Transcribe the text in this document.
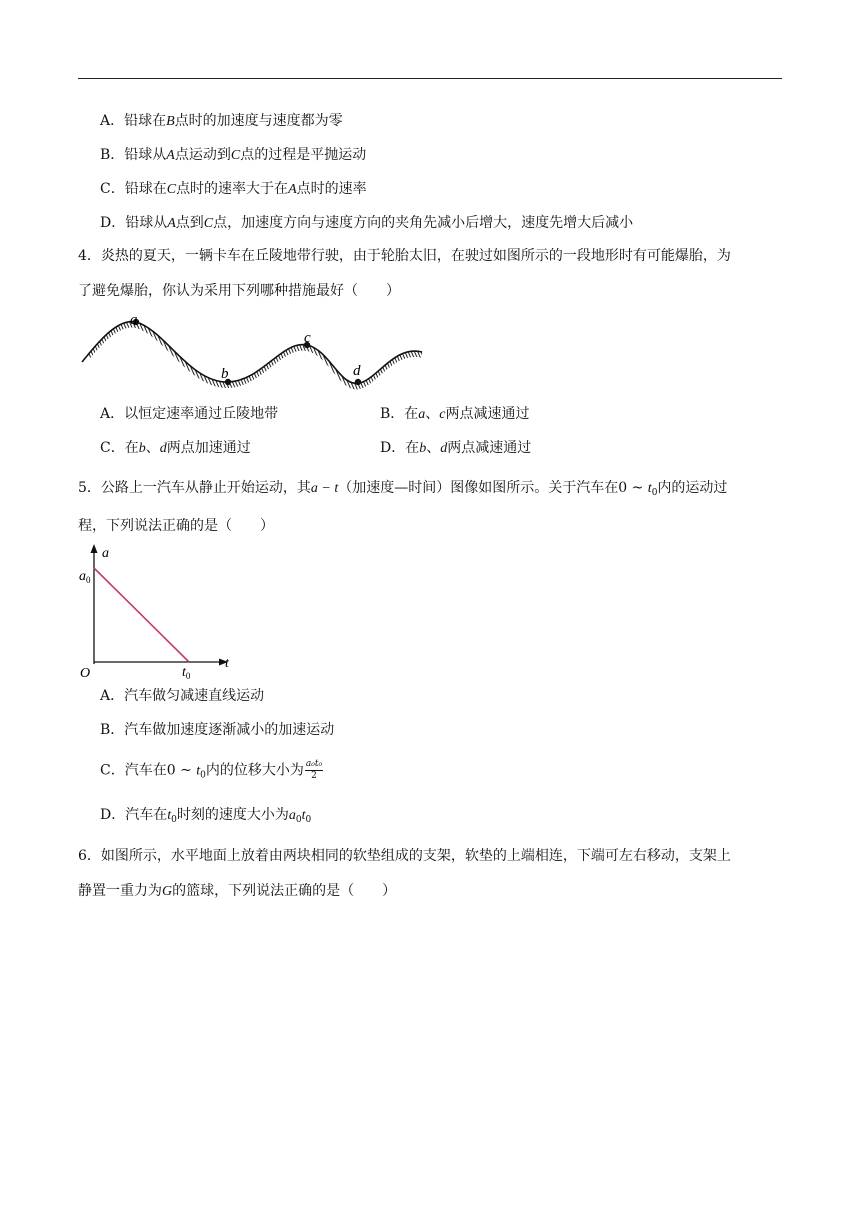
A．铅球在B点时的加速度与速度都为零
B．铅球从A点运动到C点的过程是平抛运动
C．铅球在C点时的速率大于在A点时的速率
D．铅球从A点到C点，加速度方向与速度方向的夹角先减小后增大，速度先增大后减小
4．炎热的夏天，一辆卡车在丘陵地带行驶，由于轮胎太旧，在驶过如图所示的一段地形时有可能爆胎，为
了避免爆胎，你认为采用下列哪种措施最好（　　）
a
b
c
d
A．以恒定速率通过丘陵地带	B．在a、c两点减速通过
C．在b、d两点加速通过	D．在b、d两点减速通过
5．公路上一汽车从静止开始运动，其a − t（加速度—时间）图像如图所示。关于汽车在0 ~ $t_0$内的运动过
程，下列说法正确的是（　　）
a
t
O
$a_0$
$t_0$
A．汽车做匀减速直线运动
B．汽车做加速度逐渐减小的加速运动
C．汽车在0 ~ $t_0$内的位移大小为 $\frac{\text{a₀t₀}}{2}$
D．汽车在$t_0$时刻的速度大小为$a_0t_0$
6．如图所示，水平地面上放着由两块相同的软垫组成的支架，软垫的上端相连，下端可左右移动，支架上
静置一重力为G的篮球，下列说法正确的是（　　）
